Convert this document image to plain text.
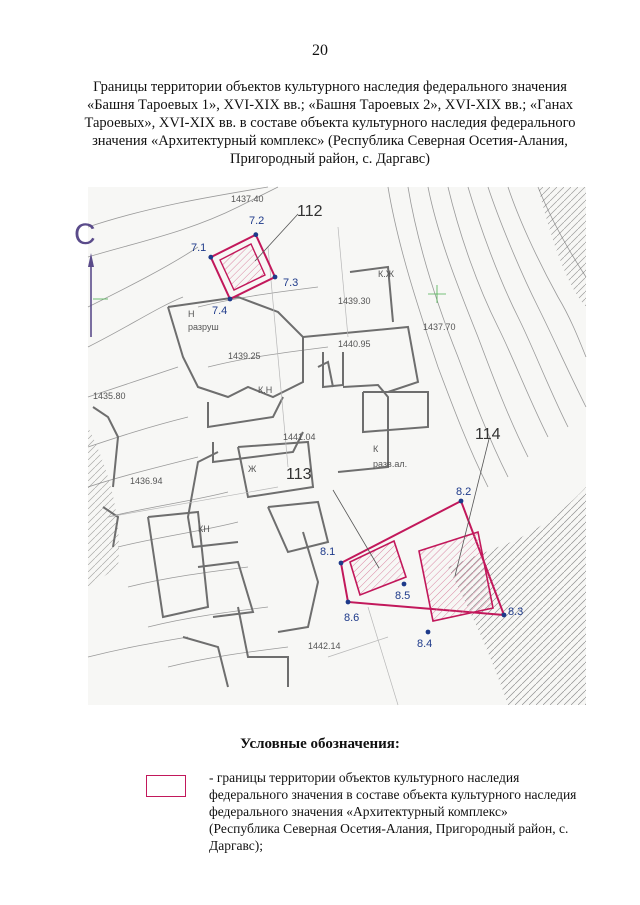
20
Границы территории объектов культурного наследия федерального значения «Башня Тароевых 1», XVI-XIX вв.; «Башня Тароевых 2», XVI-XIX вв.; «Ганах Тароевых», XVI-XIX вв. в составе объекта культурного наследия федерального значения «Архитектурный комплекс» (Республика Северная Осетия-Алания, Пригородный район, с. Даргавс)
К.Ж
Н
разруш
К.Н
К
разв.ал.
Ж
КН
1439.30
1441.04
1439.25
1440.95
1436.94
1435.80
1437.70
1442.14
1437.40
С
112
7.1
7.2
7.3
7.4
113
114
8.1
8.6
8.2
8.3
8.4
8.5
Условные обозначения:
- границы территории объектов культурного наследия федерального значения в составе объекта культурного наследия федерального значения «Архитектурный комплекс» (Республика Северная Осетия-Алания, Пригородный район, с. Даргавс);
